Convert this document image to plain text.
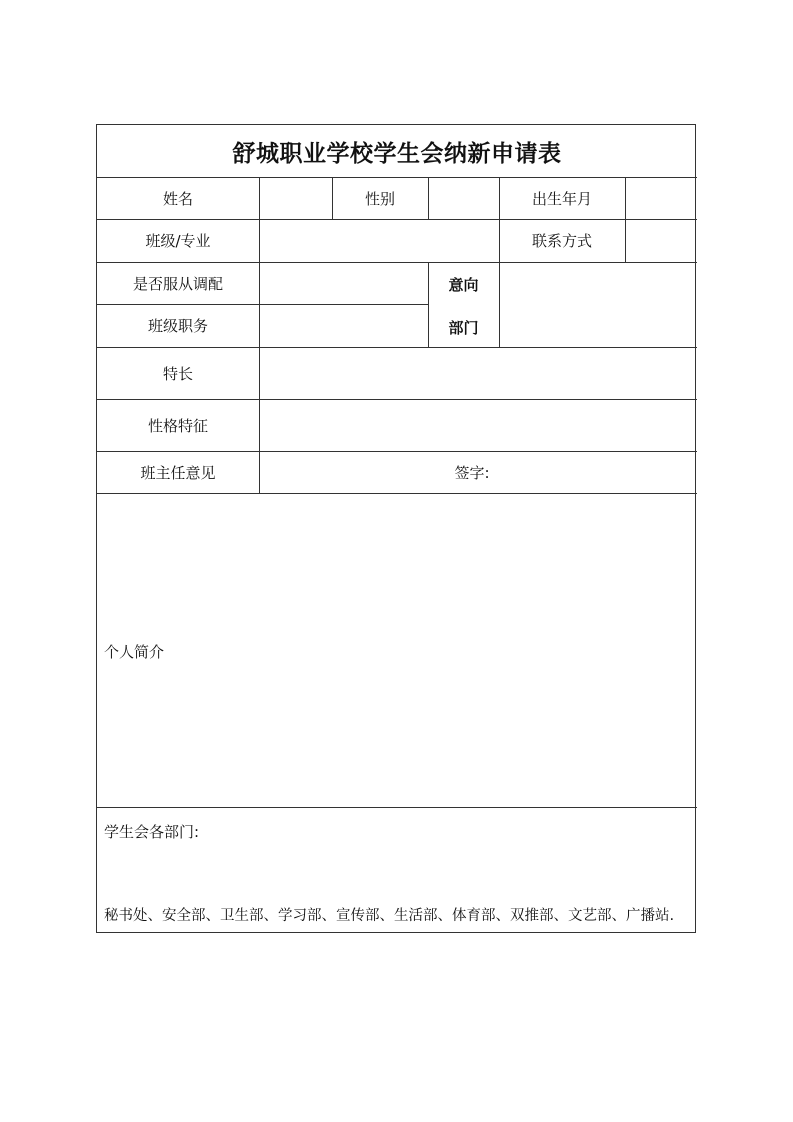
舒城职业学校学生会纳新申请表
姓名	性别	出生年月
班级/专业	联系方式
是否服从调配
班级职务
意向
部门
特长
性格特征
班主任意见	签字:
个人简介
学生会各部门:
秘书处、安全部、卫生部、学习部、宣传部、生活部、体育部、双推部、文艺部、广播站.
